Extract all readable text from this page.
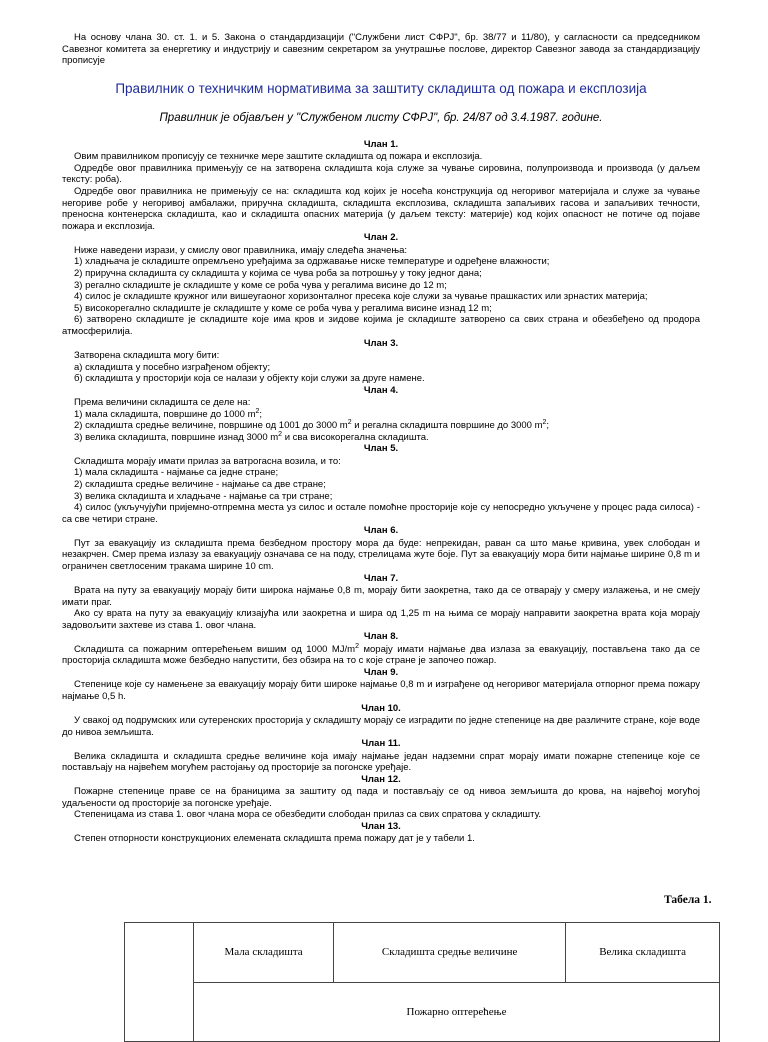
На основу члана 30. ст. 1. и 5. Закона о стандардизацији ("Службени лист СФРЈ", бр. 38/77 и 11/80), у сагласности са председником Савезног комитета за енергетику и индустрију и савезним секретаром за унутрашње послове, директор Савезног завода за стандардизацију прописује

Правилник о техничким нормативима за заштиту складишта од пожара и експлозија

Правилник је објављен у "Службеном листу СФРЈ", бр. 24/87 од 3.4.1987. године.

Члан 1.

Овим правилником прописују се техничке мере заштите складишта од пожара и експлозија.

Одредбе овог правилника примењују се на затворена складишта која служе за чување сировина, полупроизвода и производа (у даљем тексту: роба).

Одредбе овог правилника не примењују се на: складишта код којих је носећа конструкција од негоривог материјала и служе за чување негориве робе у негоривој амбалажи, приручна складишта, складишта експлозива, складишта запаљивих гасова и запаљивих течности, преносна контенерска складишта, као и складишта опасних материја (у даљем тексту: материје) код којих опасност не потиче од појаве пожара и експлозија.

Члан 2.

Ниже наведени изрази, у смислу овог правилника, имају следећа значења:

1) хладњача је складиште опремљено уређајима за одржавање ниске температуре и одређене влажности;

2) приручна складишта су складишта у којима се чува роба за потрошњу у току једног дана;

3) регално складиште је складиште у коме се роба чува у регалима висине до 12 m;

4) силос је складиште кружног или вишеугаоног хоризонталног пресека које служи за чување прашкастих или зрнастих материја;

5) високорегално складиште је складиште у коме се роба чува у регалима висине изнад 12 m;

6) затворено складиште је складиште које има кров и зидове којима је складиште затворено са свих страна и обезбеђено од продора атмосферилија.

Члан 3.

Затворена складишта могу бити:

а) складишта у посебно изграђеном објекту;

б) складишта у просторији која се налази у објекту који служи за друге намене.

Члан 4.

Према величини складишта се деле на:

1) мала складишта, површине до 1000 $m^2$;

2) складишта средње величине, површине од 1001 до 3000 $m^2$ и регална складишта површине до 3000 $m^2$;

3) велика складишта, површине изнад 3000 $m^2$ и сва високорегална складишта.

Члан 5.

Складишта морају имати прилаз за ватрогасна возила, и то:

1) мала складишта - најмање са једне стране;

2) складишта средње величине - најмање са две стране;

3) велика складишта и хладњаче - најмање са три стране;

4) силос (укључујући пријемно-отпремна места уз силос и остале помоћне просторије које су непосредно укључене у процес рада силоса) - са све четири стране.

Члан 6.

Пут за евакуацију из складишта према безбедном простору мора да буде: непрекидан, раван са што мање кривина, увек слободан и незакрчен. Смер према излазу за евакуацију означава се на поду, стрелицама жуте боје. Пут за евакуацију мора бити најмање ширине 0,8 m и ограничен светлосеним тракама ширине 10 cm.

Члан 7.

Врата на путу за евакуацију морају бити широка најмање 0,8 m, морају бити заокретна, тако да се отварају у смеру излажења, и не смеју имати праг.

Ако су врата на путу за евакуацију клизајућа или заокретна и шира од 1,25 m на њима се морају направити заокретна врата која морају задовољити захтеве из става 1. овог члана.

Члан 8.

Складишта са пожарним оптерећењем вишим од 1000 $MJ/m^2$ морају имати најмање два излаза за евакуацију, постављена тако да се просторија складишта може безбедно напустити, без обзира на то с које стране је започео пожар.

Члан 9.

Степенице које су намењене за евакуацију морају бити широке најмање 0,8 m и изграђене од негоривог материјала отпорног према пожару најмање 0,5 h.

Члан 10.

У свакој од подрумских или сутеренских просторија у складишту морају се изградити по једне степенице на две различите стране, које воде до нивоа земљишта.

Члан 11.

Велика складишта и складишта средње величине која имају најмање један надземни спрат морају имати пожарне степенице које се постављају на највећем могућем растојању од просторије за погонске уређаје.

Члан 12.

Пожарне степенице праве се на браницима за заштиту од пада и постављају се од нивоа земљишта до крова, на највећој могућој удаљености од просторије за погонске уређаје.

Степеницама из става 1. овог члана мора се обезбедити слободан прилаз са свих спратова у складишту.

Члан 13.

Степен отпорности конструкционих елемената складишта према пожару дат је у табели 1.

Табела 1.
	Мала складишта	Складишта средње величине	Велика складишта
Пожарно оптерећење
